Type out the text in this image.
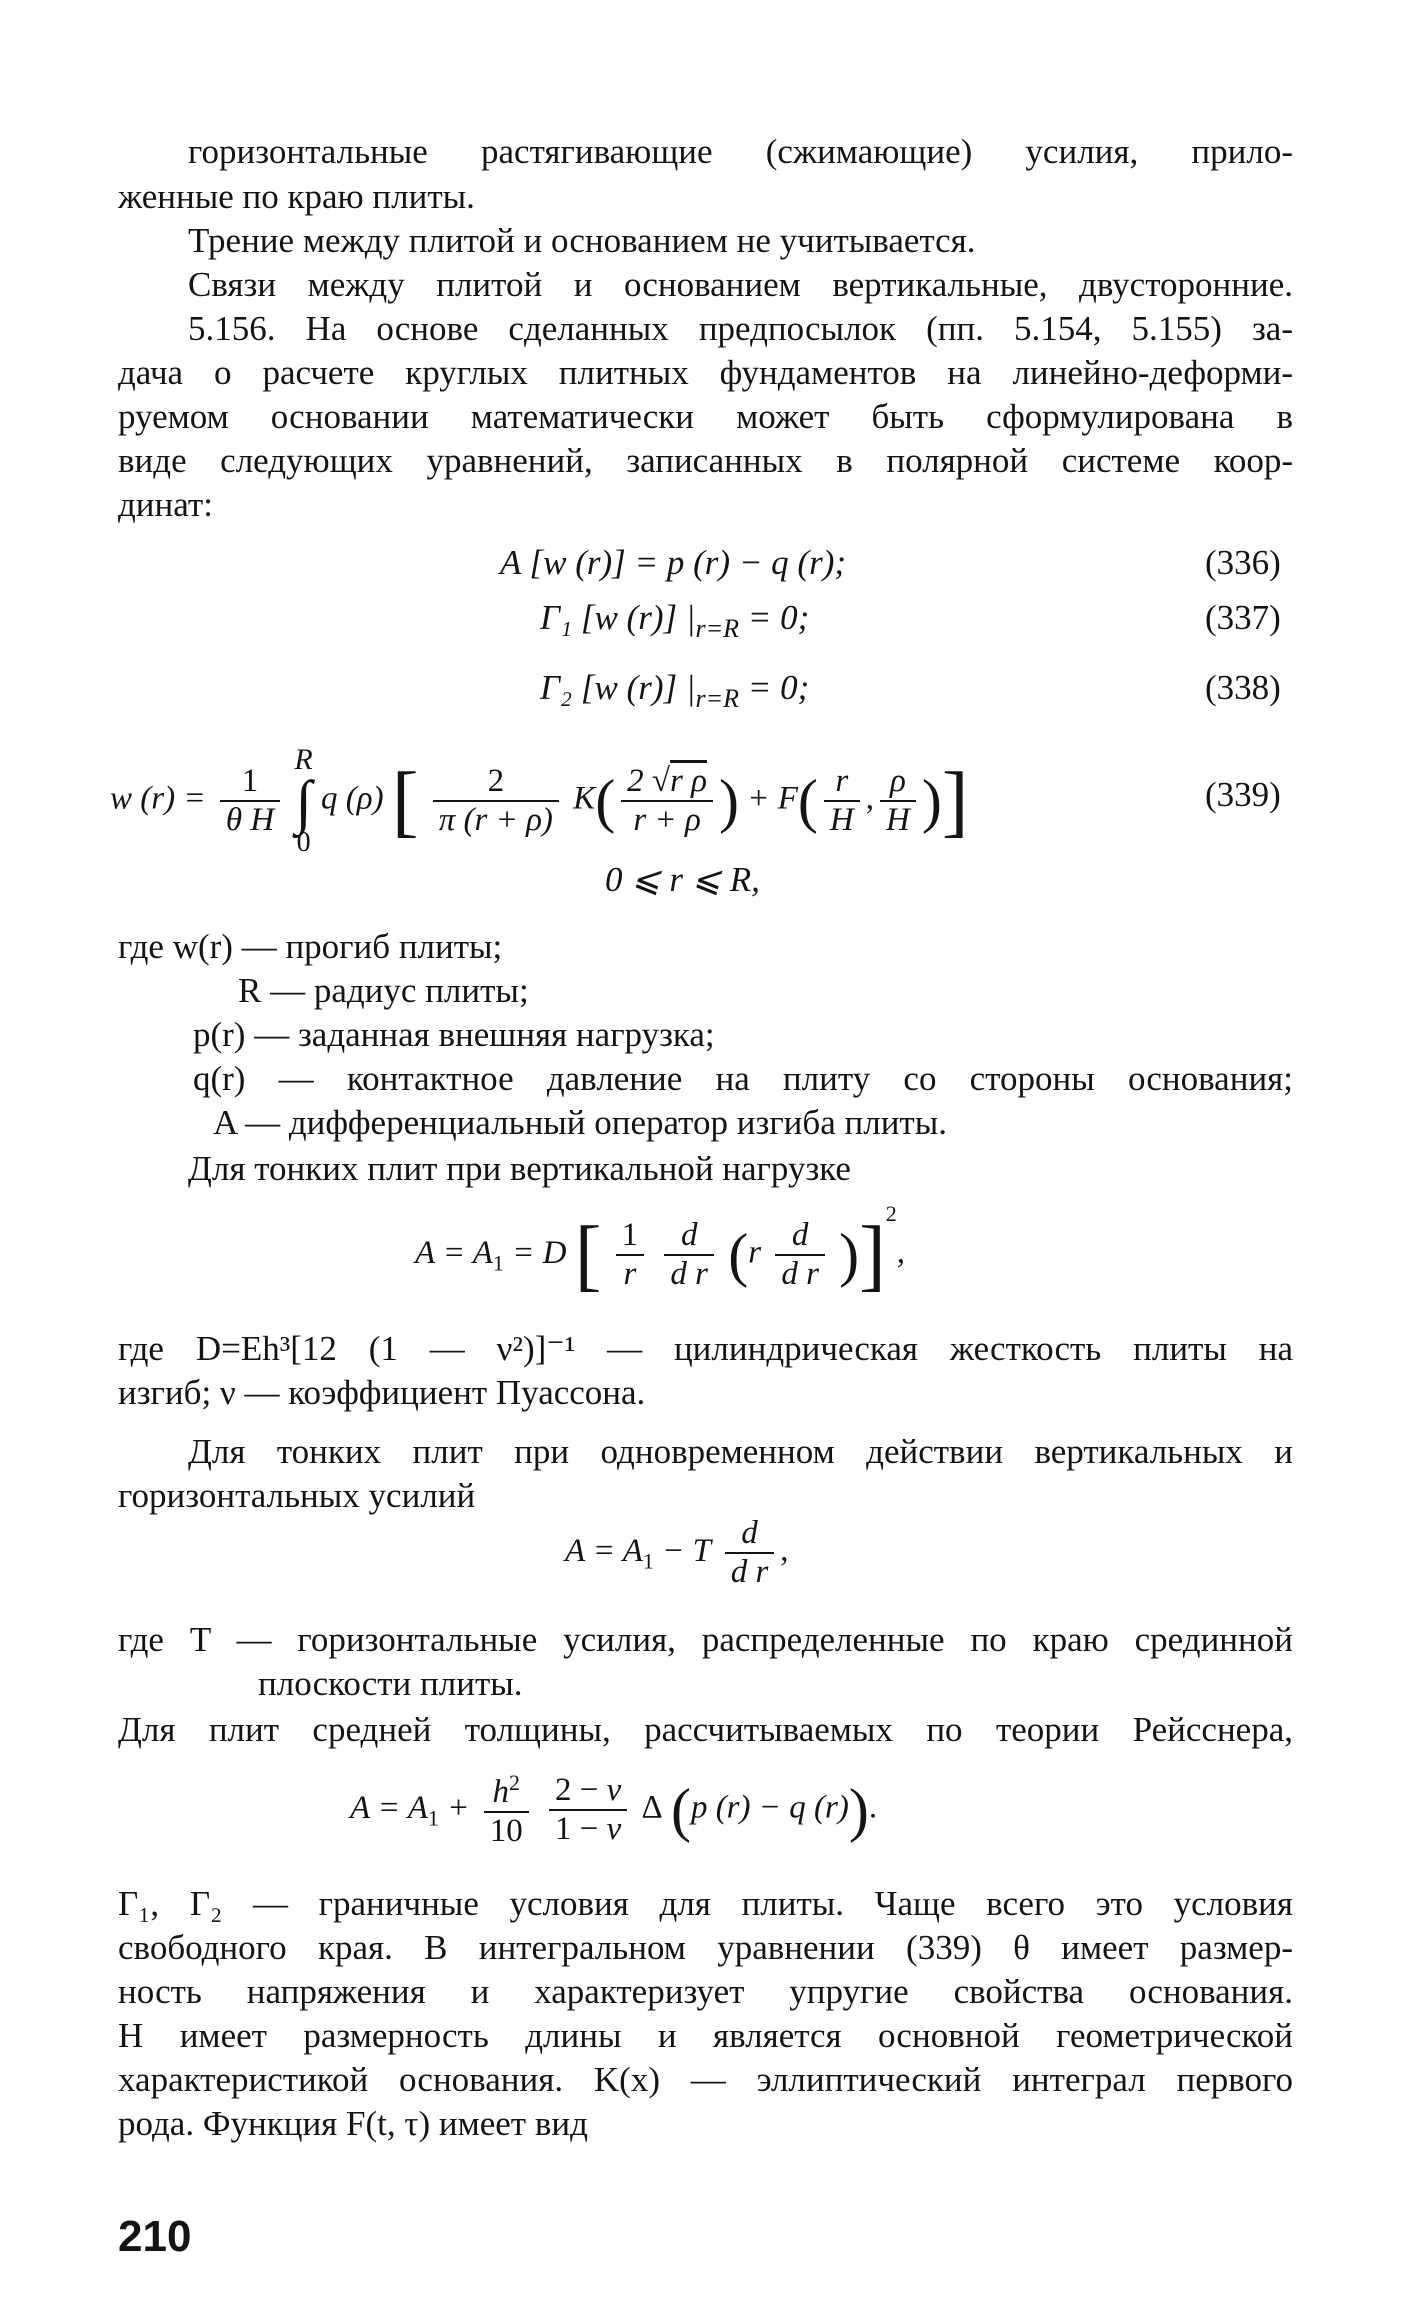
горизонтальные растягивающие (сжимающие) усилия, прило-
женные по краю плиты.
Трение между плитой и основанием не учитывается.
Связи между плитой и основанием вертикальные, двусторонние.
5.156. На основе сделанных предпосылок (пп. 5.154, 5.155) за-
дача о расчете круглых плитных фундаментов на линейно-деформи-
руемом основании математически может быть сформулирована в
виде следующих уравнений, записанных в полярной системе коор-
динат:
A [w (r)] = p (r) − q (r);	(336)
Γ₁ [w (r)] $|_{r=R} = 0$;	(337)
Γ₂ [w (r)] $|_{r=R} = 0$;	(338)
w $(r) = \frac{1}{\text{θ H}}$

R
∫
0
q (ρ) [ $\frac{2}{\pi (r + \rho)} K( \frac{\text{2 √r ρ}}{r + \rho}$ ) + $F( \frac{r}{H}$ , $\frac{\rho}{H}$ )]	(339)
0 ⩽ r ⩽ R,
где w(r) — прогиб плиты;
R — радиус плиты;
p(r) — заданная внешняя нагрузка;
q(r) — контактное давление на плиту со стороны основания;
A — дифференциальный оператор изгиба плиты.
Для тонких плит при вертикальной нагрузке
$A = A_1 = D$ [ $\frac{1}{r}$
$\frac{d}{\text{d r}} (r \frac{d}{\text{d r}} )]^2$,
где D=Eh³[12 (1 — ν²)]⁻¹ — цилиндрическая жесткость плиты на
изгиб; ν — коэффициент Пуассона.
Для тонких плит при одновременном действии вертикальных и
горизонтальных усилий
$A = A_1 - T \frac{d}{\text{d r}}$ ,
где T — горизонтальные усилия, распределенные по краю срединной
плоскости плиты.
Для плит средней толщины, рассчитываемых по теории Рейсснера,
$A = A_1 + \frac{h^2}{10}$
$\frac{2 - \nu}{1 - \nu}$ Δ (p (r) − q (r)).
Γ₁, Γ₂ — граничные условия для плиты. Чаще всего это условия
свободного края. В интегральном уравнении (339) θ имеет размер-
ность напряжения и характеризует упругие свойства основания.
H имеет размерность длины и является основной геометрической
характеристикой основания. K(x) — эллиптический интеграл первого
рода. Функция F(t, τ) имеет вид
210
